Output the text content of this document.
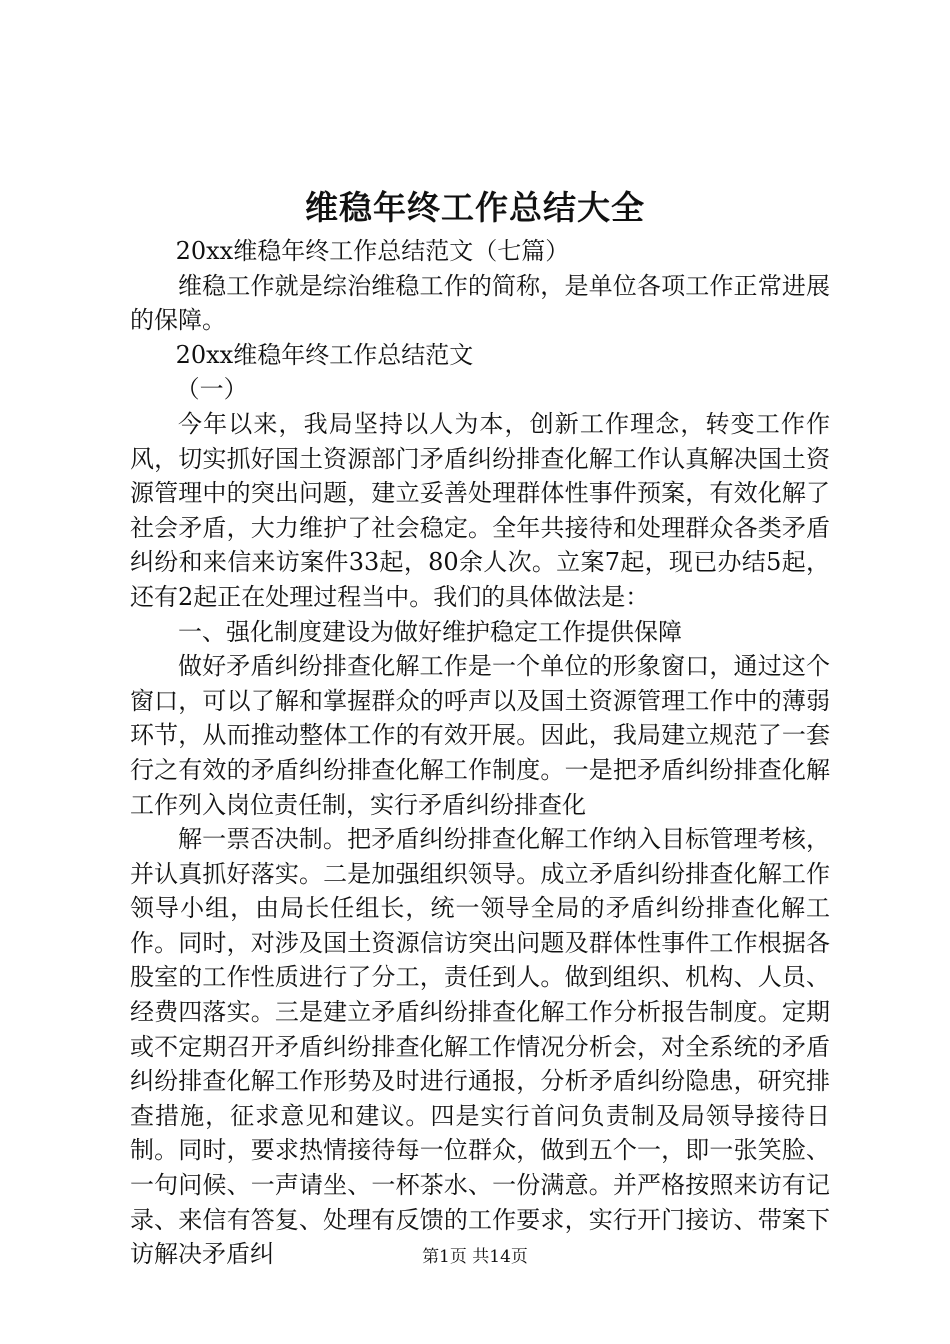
维稳年终工作总结大全

20xx维稳年终工作总结范文（七篇）

维稳工作就是综治维稳工作的简称，是单位各项工作正常进展的保障。

20xx维稳年终工作总结范文

（一）

今年以来，我局坚持以人为本，创新工作理念，转变工作作风，切实抓好国土资源部门矛盾纠纷排查化解工作认真解决国土资源管理中的突出问题，建立妥善处理群体性事件预案，有效化解了社会矛盾，大力维护了社会稳定。全年共接待和处理群众各类矛盾纠纷和来信来访案件33起，80余人次。立案7起，现已办结5起，还有2起正在处理过程当中。我们的具体做法是：

一、强化制度建设为做好维护稳定工作提供保障

做好矛盾纠纷排查化解工作是一个单位的形象窗口，通过这个窗口，可以了解和掌握群众的呼声以及国土资源管理工作中的薄弱环节，从而推动整体工作的有效开展。因此，我局建立规范了一套行之有效的矛盾纠纷排查化解工作制度。一是把矛盾纠纷排查化解工作列入岗位责任制，实行矛盾纠纷排查化

解一票否决制。把矛盾纠纷排查化解工作纳入目标管理考核，并认真抓好落实。二是加强组织领导。成立矛盾纠纷排查化解工作领导小组，由局长任组长，统一领导全局的矛盾纠纷排查化解工作。同时，对涉及国土资源信访突出问题及群体性事件工作根据各股室的工作性质进行了分工，责任到人。做到组织、机构、人员、经费四落实。三是建立矛盾纠纷排查化解工作分析报告制度。定期或不定期召开矛盾纠纷排查化解工作情况分析会，对全系统的矛盾纠纷排查化解工作形势及时进行通报，分析矛盾纠纷隐患，研究排查措施，征求意见和建议。四是实行首问负责制及局领导接待日制。同时，要求热情接待每一位群众，做到五个一，即一张笑脸、一句问候、一声请坐、一杯茶水、一份满意。并严格按照来访有记录、来信有答复、处理有反馈的工作要求，实行开门接访、带案下访解决矛盾纠	第1页 共14页
